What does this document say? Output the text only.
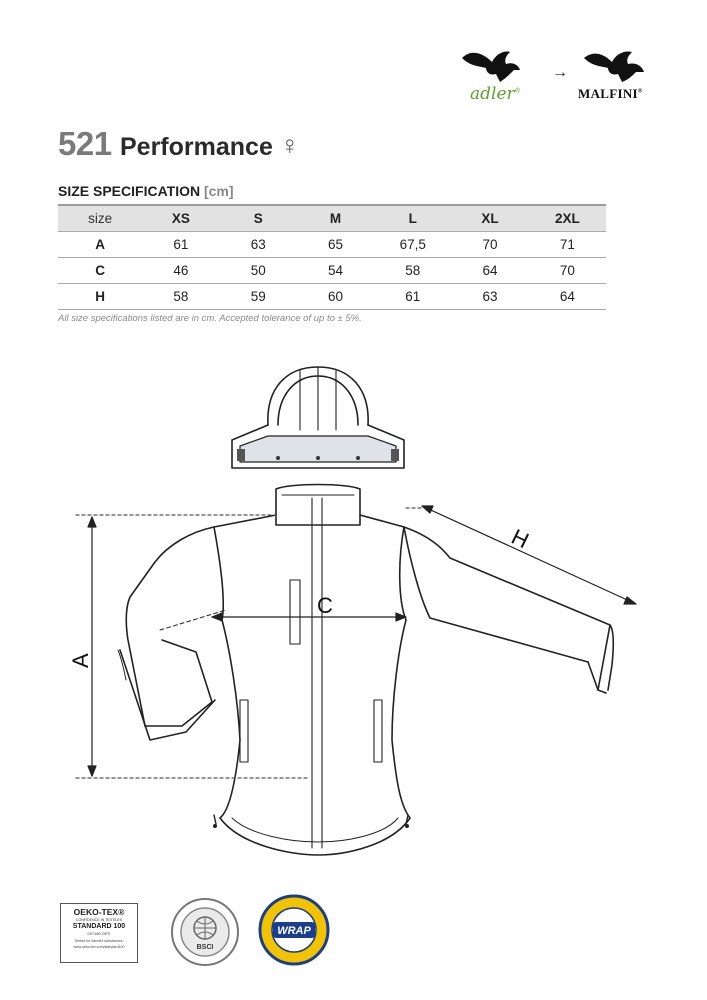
adler®
→
MALFINI®
521 Performance ♀
SIZE SPECIFICATION [cm]
size	XS	S	M	L	XL	2XL
A	61	63	65	67,5	70	71
C	46	50	54	58	64	70
H	58	59	60	61	63	64
All size specifications listed are in cm. Accepted tolerance of up to ± 5%.
A
C
H
OEKO-TEX®
CONFIDENCE IN TEXTILES
STANDARD 100
0X7180 OETI
Tested for harmful substances.
www.oeko-tex.com/standard100	BSCI
WRAP
